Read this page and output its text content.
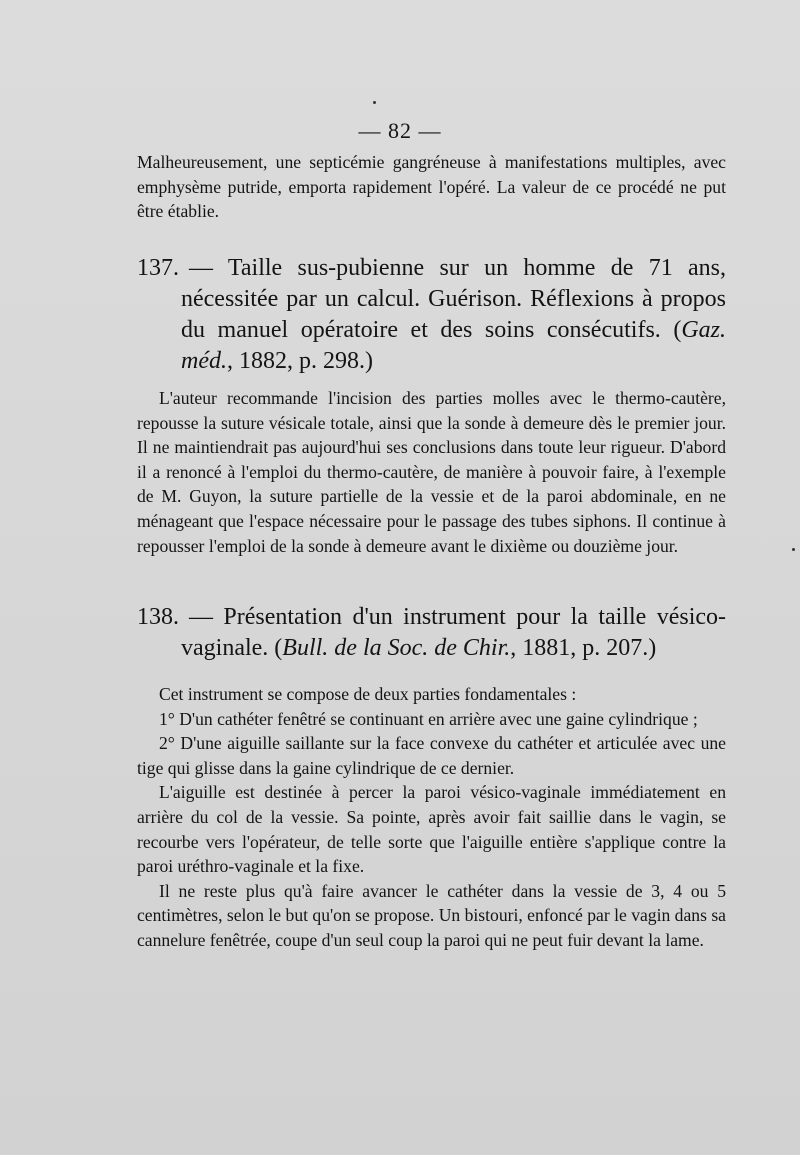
— 82 —

Malheureusement, une septicémie gangréneuse à manifestations multiples, avec emphysème putride, emporta rapidement l'opéré. La valeur de ce procédé ne put être établie.

137. — Taille sus-pubienne sur un homme de 71 ans, nécessitée par un calcul. Guérison. Réflexions à propos du manuel opératoire et des soins consécutifs. (Gaz. méd., 1882, p. 298.)

L'auteur recommande l'incision des parties molles avec le thermo-cautère, repousse la suture vésicale totale, ainsi que la sonde à demeure dès le premier jour. Il ne maintiendrait pas aujourd'hui ses conclusions dans toute leur rigueur. D'abord il a renoncé à l'emploi du thermo-cautère, de manière à pouvoir faire, à l'exemple de M. Guyon, la suture partielle de la vessie et de la paroi abdominale, en ne ménageant que l'espace nécessaire pour le passage des tubes siphons. Il continue à repousser l'emploi de la sonde à demeure avant le dixième ou douzième jour.

138. — Présentation d'un instrument pour la taille vésico-vaginale. (Bull. de la Soc. de Chir., 1881, p. 207.)

Cet instrument se compose de deux parties fondamentales :

1° D'un cathéter fenêtré se continuant en arrière avec une gaine cylindrique ;

2° D'une aiguille saillante sur la face convexe du cathéter et articulée avec une tige qui glisse dans la gaine cylindrique de ce dernier.

L'aiguille est destinée à percer la paroi vésico-vaginale immédiatement en arrière du col de la vessie. Sa pointe, après avoir fait saillie dans le vagin, se recourbe vers l'opérateur, de telle sorte que l'aiguille entière s'applique contre la paroi uréthro-vaginale et la fixe.

Il ne reste plus qu'à faire avancer le cathéter dans la vessie de 3, 4 ou 5 centimètres, selon le but qu'on se propose. Un bistouri, enfoncé par le vagin dans sa cannelure fenêtrée, coupe d'un seul coup la paroi qui ne peut fuir devant la lame.
